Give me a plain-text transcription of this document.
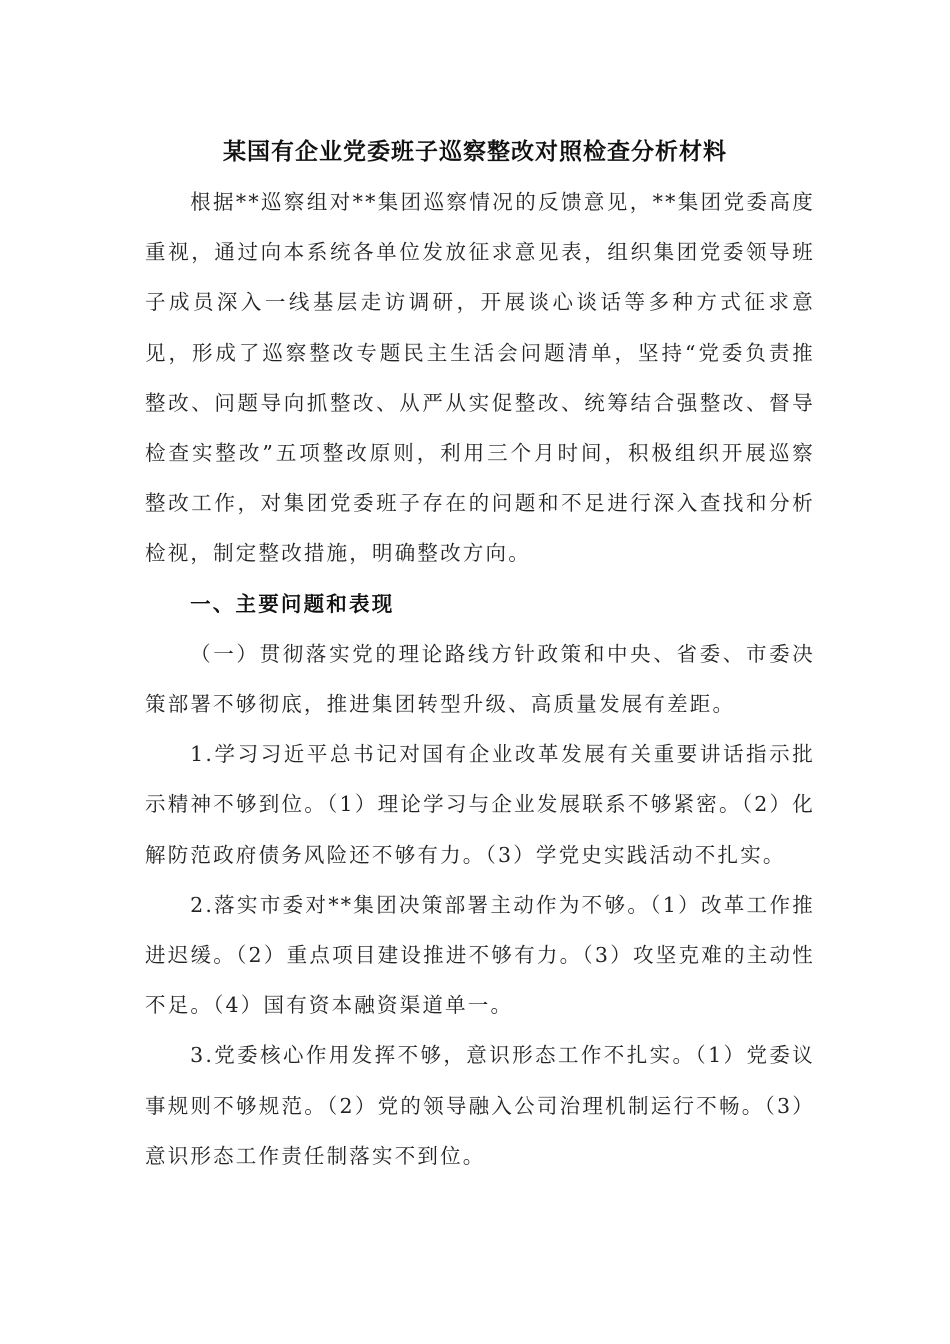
某国有企业党委班子巡察整改对照检查分析材料

根据**巡察组对**集团巡察情况的反馈意见，**集团党委高度重视，通过向本系统各单位发放征求意见表，组织集团党委领导班子成员深入一线基层走访调研，开展谈心谈话等多种方式征求意见，形成了巡察整改专题民主生活会问题清单，坚持“党委负责推整改、问题导向抓整改、从严从实促整改、统筹结合强整改、督导检查实整改”五项整改原则，利用三个月时间，积极组织开展巡察整改工作，对集团党委班子存在的问题和不足进行深入查找和分析检视，制定整改措施，明确整改方向。

一、主要问题和表现

（一）贯彻落实党的理论路线方针政策和中央、省委、市委决策部署不够彻底，推进集团转型升级、高质量发展有差距。

1.学习习近平总书记对国有企业改革发展有关重要讲话指示批示精神不够到位。（1）理论学习与企业发展联系不够紧密。（2）化解防范政府债务风险还不够有力。（3）学党史实践活动不扎实。

2.落实市委对**集团决策部署主动作为不够。（1）改革工作推进迟缓。（2）重点项目建设推进不够有力。（3）攻坚克难的主动性不足。（4）国有资本融资渠道单一。

3.党委核心作用发挥不够，意识形态工作不扎实。（1）党委议事规则不够规范。（2）党的领导融入公司治理机制运行不畅。（3）意识形态工作责任制落实不到位。
